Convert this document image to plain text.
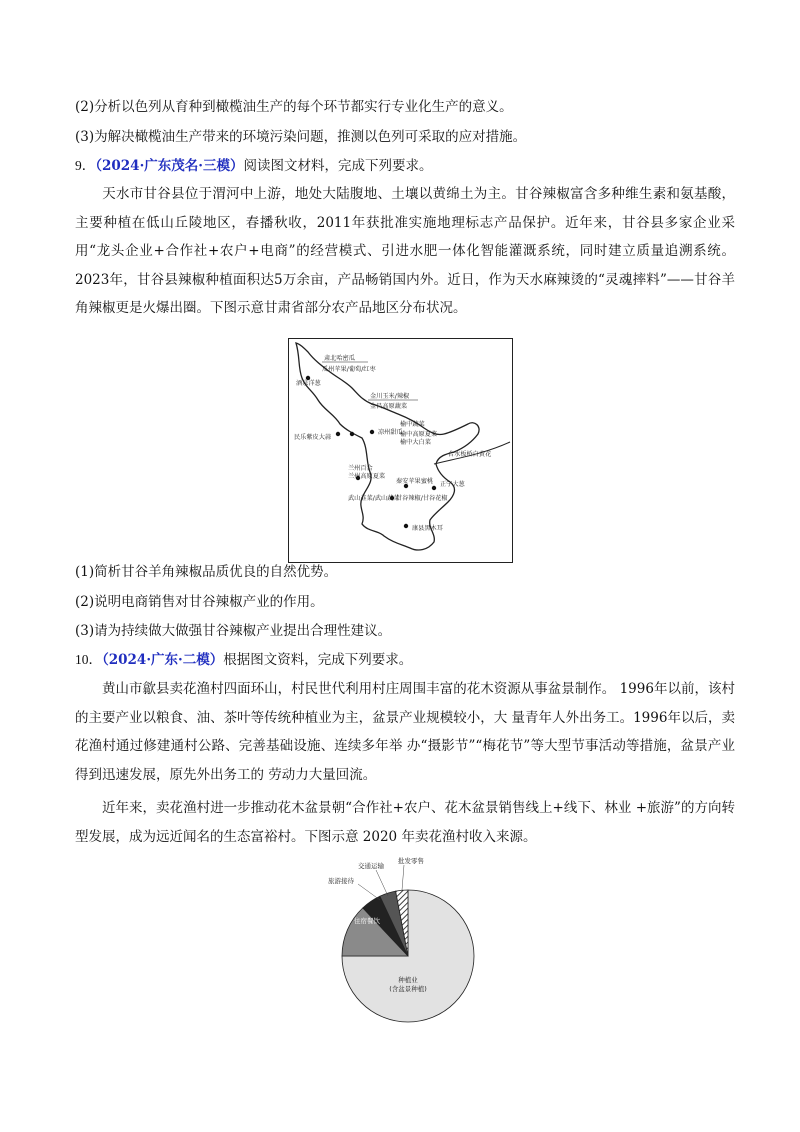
(2)分析以色列从育种到橄榄油生产的每个环节都实行专业化生产的意义。
(3)为解决橄榄油生产带来的环境污染问题，推测以色列可采取的应对措施。
9．（2024·广东茂名·三模）阅读图文材料，完成下列要求。

天水市甘谷县位于渭河中上游，地处大陆腹地、土壤以黄绵土为主。甘谷辣椒富含多种维生素和氨基酸，主要种植在低山丘陵地区，春播秋收，2011年获批准实施地理标志产品保护。近年来，甘谷县多家企业采用“龙头企业+合作社+农户+电商”的经营模式、引进水肥一体化智能灌溉系统，同时建立质量追溯系统。2023年，甘谷县辣椒种植面积达5万余亩，产品畅销国内外。近日，作为天水麻辣烫的“灵魂摔料”——甘谷羊角辣椒更是火爆出圈。下图示意甘肃省部分农产品地区分布状况。

肃北哈密瓜
瓜州苹果/葡萄/红枣
酒泉洋葱
金川玉米/辣椒
金昌高原蔬菜
民乐紫皮大蒜
凉州甜瓜
榆中蔬菜
榆中高原夏菜
榆中大白菜
合水板桥白黄花
兰州百合
兰州高原夏菜
秦安苹果蜜桃 正宁大葱
武山韭菜/武山蔬菜
甘谷辣椒/甘谷花椒
康县黑木耳
(1)简析甘谷羊角辣椒品质优良的自然优势。
(2)说明电商销售对甘谷辣椒产业的作用。
(3)请为持续做大做强甘谷辣椒产业提出合理性建议。
10．（2024·广东·二模）根据图文资料，完成下列要求。

黄山市歙县卖花渔村四面环山，村民世代利用村庄周围丰富的花木资源从事盆景制作。 1996年以前，该村的主要产业以粮食、油、茶叶等传统种植业为主，盆景产业规模较小，大 量青年人外出务工。1996年以后，卖花渔村通过修建通村公路、完善基础设施、连续多年举 办“摄影节”“梅花节”等大型节事活动等措施，盆景产业得到迅速发展，原先外出务工的 劳动力大量回流。

近年来，卖花渔村进一步推动花木盆景朝“合作社+农户、花木盆景销售线上+线下、林业 +旅游”的方向转型发展，成为远近闻名的生态富裕村。下图示意 2020 年卖花渔村收入来源。

种植业
(含盆景种植)
住宿餐饮
旅游接待
交通运输
批发零售
